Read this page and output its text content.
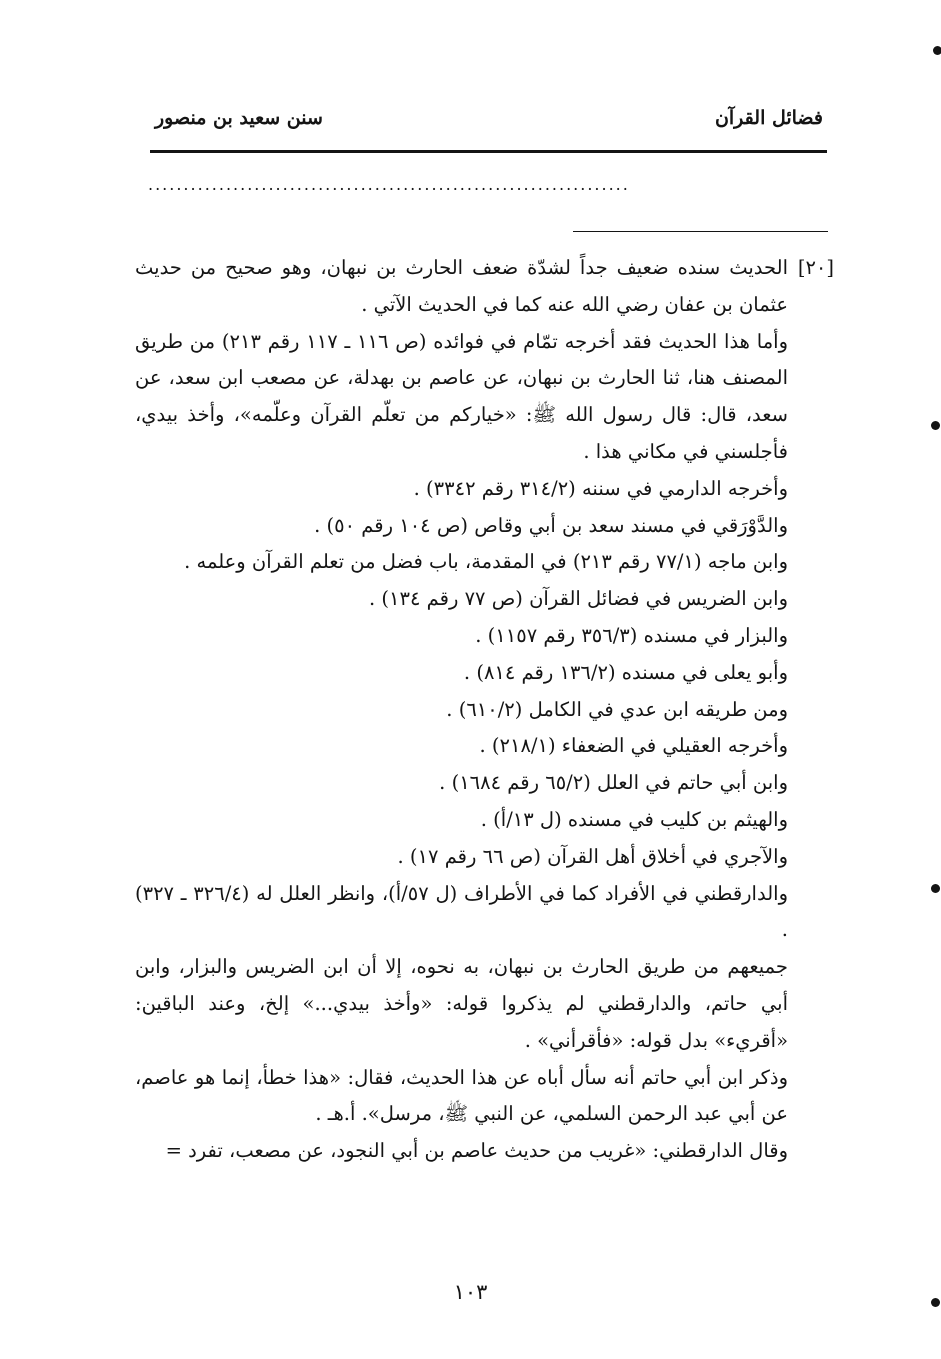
فضائل القرآن
سنن سعيد بن منصور
....................................................................

[٢٠]
الحديث سنده ضعيف جداً لشدّة ضعف الحارث بن نبهان، وهو صحيح من حديث عثمان بن عفان رضي الله عنه كما في الحديث الآتي .

وأما هذا الحديث فقد أخرجه تمّام في فوائده (ص ١١٦ ـ ١١٧ رقم ٢١٣) من طريق المصنف هنا، ثنا الحارث بن نبهان، عن عاصم بن بهدلة، عن مصعب ابن سعد، عن سعد، قال: قال رسول الله ﷺ: «خياركم من تعلّم القرآن وعلّمه»، وأخذ بيدي، فأجلسني في مكاني هذا .

وأخرجه الدارمي في سننه (٣١٤/٢ رقم ٣٣٤٢) .

والدَّوْرَقي في مسند سعد بن أبي وقاص (ص ١٠٤ رقم ٥٠) .

وابن ماجه (٧٧/١ رقم ٢١٣) في المقدمة، باب فضل من تعلم القرآن وعلمه .

وابن الضريس في فضائل القرآن (ص ٧٧ رقم ١٣٤) .

والبزار في مسنده (٣٥٦/٣ رقم ١١٥٧) .

وأبو يعلى في مسنده (١٣٦/٢ رقم ٨١٤) .

ومن طريقه ابن عدي في الكامل (٦١٠/٢) .

وأخرجه العقيلي في الضعفاء (٢١٨/١) .

وابن أبي حاتم في العلل (٦٥/٢ رقم ١٦٨٤) .

والهيثم بن كليب في مسنده (ل ١٣/أ) .

والآجري في أخلاق أهل القرآن (ص ٦٦ رقم ١٧) .

والدارقطني في الأفراد كما في الأطراف (ل ٥٧/أ)، وانظر العلل له (٣٢٦/٤ ـ ٣٢٧) .

جميعهم من طريق الحارث بن نبهان، به نحوه، إلا أن ابن الضريس والبزار، وابن أبي حاتم، والدارقطني لم يذكروا قوله: «وأخذ بيدي...» إلخ، وعند الباقين: «أقريء» بدل قوله: «فأقرأني» .

وذكر ابن أبي حاتم أنه سأل أباه عن هذا الحديث، فقال: «هذا خطأ، إنما هو عاصم، عن أبي عبد الرحمن السلمي، عن النبي ﷺ، مرسل». أ.هـ .

وقال الدارقطني: «غريب من حديث عاصم بن أبي النجود، عن مصعب، تفرد =

١٠٣
